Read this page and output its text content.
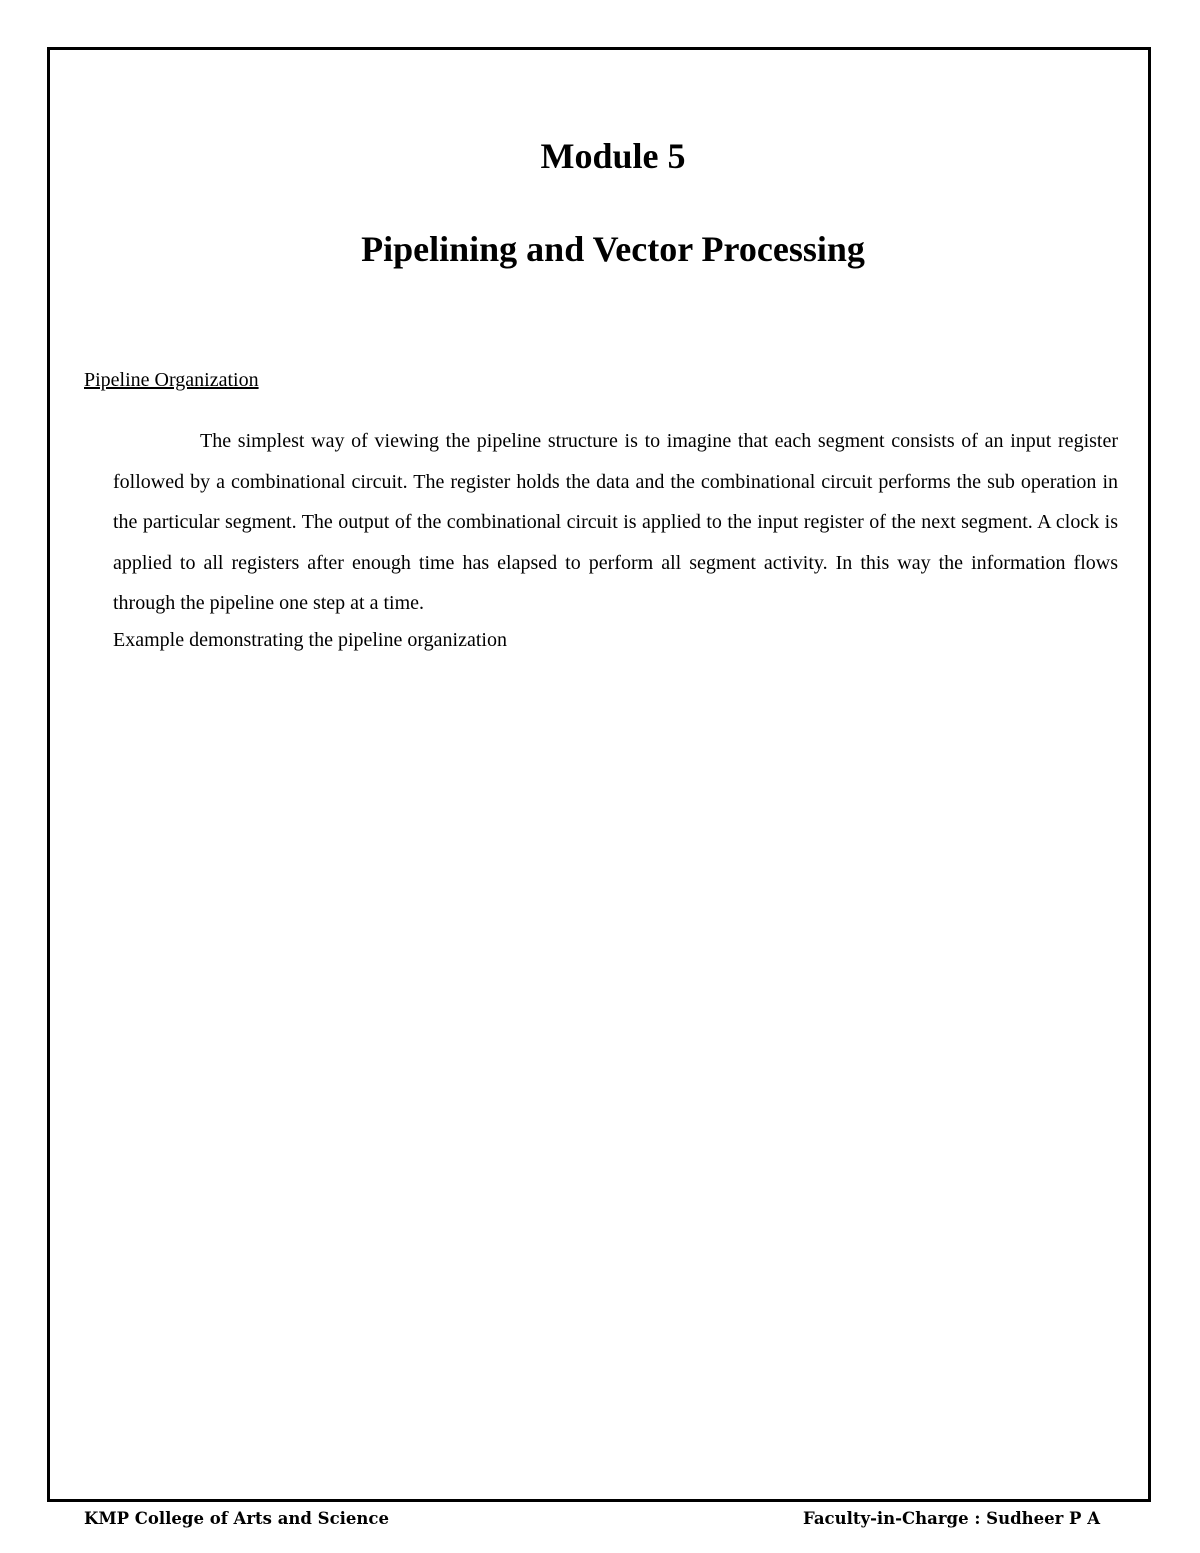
Module 5
Pipelining and Vector Processing

Pipeline Organization

The simplest way of viewing the pipeline structure is to imagine that each segment consists of an input register followed by a combinational circuit. The register holds the data and the combinational circuit performs the sub operation in the particular segment. The output of the combinational circuit is applied to the input register of the next segment. A clock is applied to all registers after enough time has elapsed to perform all segment activity. In this way the information flows through the pipeline one step at a time.

Example demonstrating the pipeline organization

KMP College of Arts and Science	Faculty-in-Charge : Sudheer P A
